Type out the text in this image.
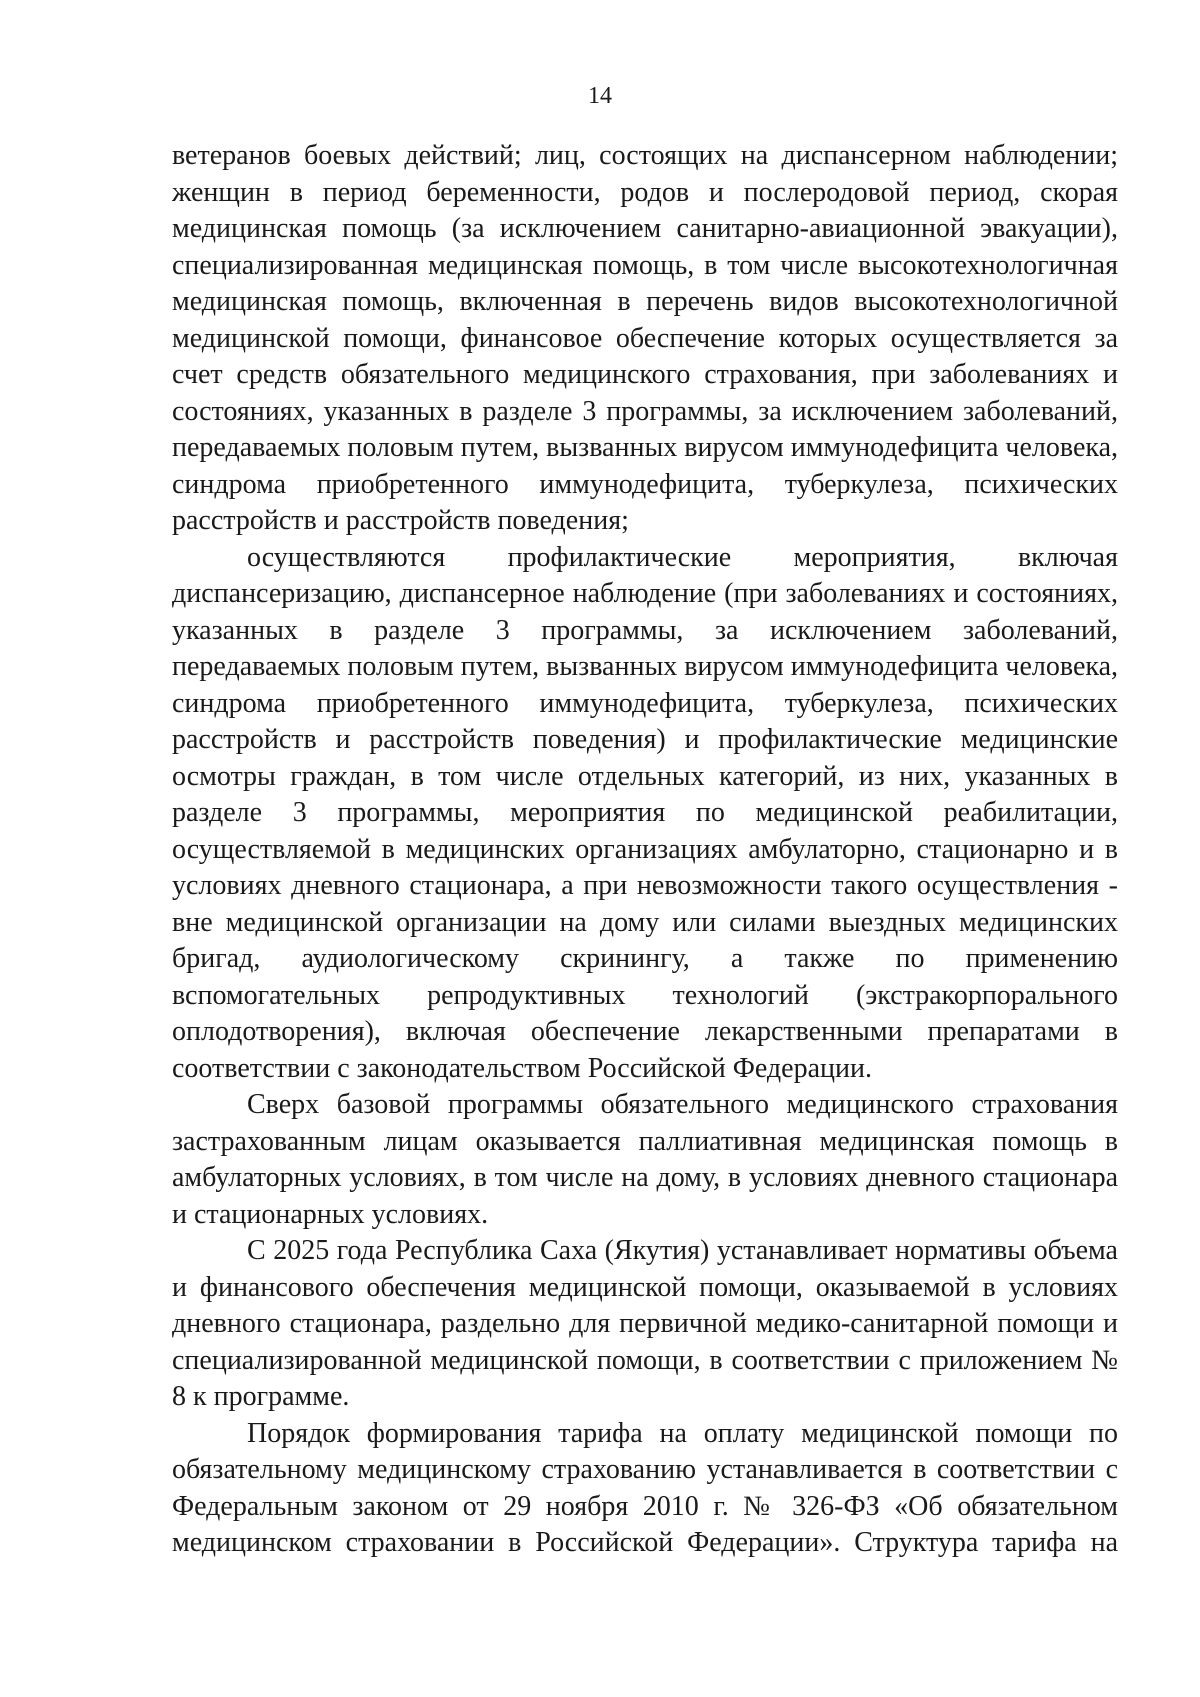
14

ветеранов боевых действий; лиц, состоящих на диспансерном наблюдении; женщин в период беременности, родов и послеродовой период, скорая медицинская помощь (за исключением санитарно-авиационной эвакуации), специализированная медицинская помощь, в том числе высокотехнологичная медицинская помощь, включенная в перечень видов высокотехнологичной медицинской помощи, финансовое обеспечение которых осуществляется за счет средств обязательного медицинского страхования, при заболеваниях и состояниях, указанных в разделе 3 программы, за исключением заболеваний, передаваемых половым путем, вызванных вирусом иммунодефицита человека, синдрома приобретенного иммунодефицита, туберкулеза, психических расстройств и расстройств поведения;

осуществляются профилактические мероприятия, включая диспансеризацию, диспансерное наблюдение (при заболеваниях и состояниях, указанных в разделе 3 программы, за исключением заболеваний, передаваемых половым путем, вызванных вирусом иммунодефицита человека, синдрома приобретенного иммунодефицита, туберкулеза, психических расстройств и расстройств поведения) и профилактические медицинские осмотры граждан, в том числе отдельных категорий, из них, указанных в разделе 3 программы, мероприятия по медицинской реабилитации, осуществляемой в медицинских организациях амбулаторно, стационарно и в условиях дневного стационара, а при невозможности такого осуществления - вне медицинской организации на дому или силами выездных медицинских бригад, аудиологическому скринингу, а также по применению вспомогательных репродуктивных технологий (экстракорпорального оплодотворения), включая обеспечение лекарственными препаратами в соответствии с законодательством Российской Федерации.

Сверх базовой программы обязательного медицинского страхования застрахованным лицам оказывается паллиативная медицинская помощь в амбулаторных условиях, в том числе на дому, в условиях дневного стационара и стационарных условиях.

С 2025 года Республика Саха (Якутия) устанавливает нормативы объема и финансового обеспечения медицинской помощи, оказываемой в условиях дневного стационара, раздельно для первичной медико-санитарной помощи и специализированной медицинской помощи, в соответствии с приложением № 8 к программе.

Порядок формирования тарифа на оплату медицинской помощи по обязательному медицинскому страхованию устанавливается в соответствии с Федеральным законом от 29 ноября 2010 г. № 326-ФЗ «Об обязательном медицинском страховании в Российской Федерации». Структура тарифа на
